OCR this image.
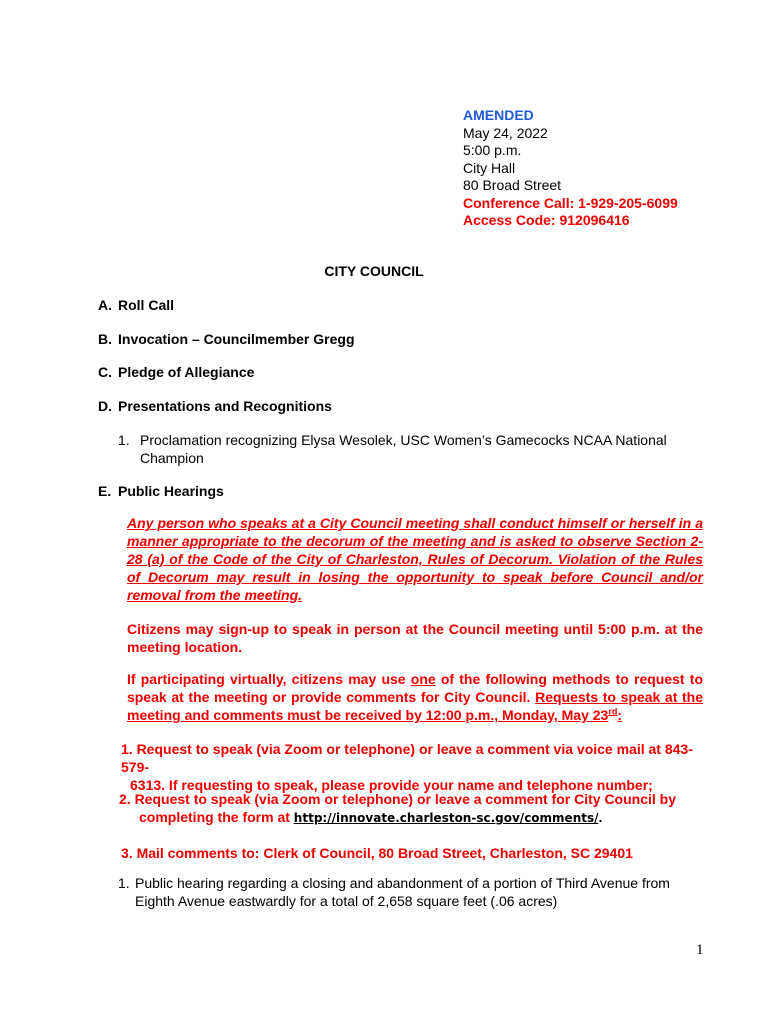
AMENDED
May 24, 2022
5:00 p.m.
City Hall
80 Broad Street
Conference Call: 1-929-205-6099
Access Code: 912096416
CITY COUNCIL
A. Roll Call
B. Invocation – Councilmember Gregg
C. Pledge of Allegiance
D. Presentations and Recognitions
1. Proclamation recognizing Elysa Wesolek, USC Women’s Gamecocks NCAA National
Champion
E. Public Hearings
Any person who speaks at a City Council meeting shall conduct himself or herself in a manner appropriate to the decorum of the meeting and is asked to observe Section 2-28 (a) of the Code of the City of Charleston, Rules of Decorum. Violation of the Rules of Decorum may result in losing the opportunity to speak before Council and/or removal from the meeting.
Citizens may sign-up to speak in person at the Council meeting until 5:00 p.m. at the meeting location.
If participating virtually, citizens may use one of the following methods to request to speak at the meeting or provide comments for City Council. Requests to speak at the meeting and comments must be received by 12:00 p.m., Monday, May 23rd:
1. Request to speak (via Zoom or telephone) or leave a comment via voice mail at 843-579-
6313. If requesting to speak, please provide your name and telephone number;
2. Request to speak (via Zoom or telephone) or leave a comment for City Council by
completing the form at http://innovate.charleston-sc.gov/comments/.
3. Mail comments to: Clerk of Council, 80 Broad Street, Charleston, SC 29401
1. Public hearing regarding a closing and abandonment of a portion of Third Avenue from
Eighth Avenue eastwardly for a total of 2,658 square feet (.06 acres)
1
